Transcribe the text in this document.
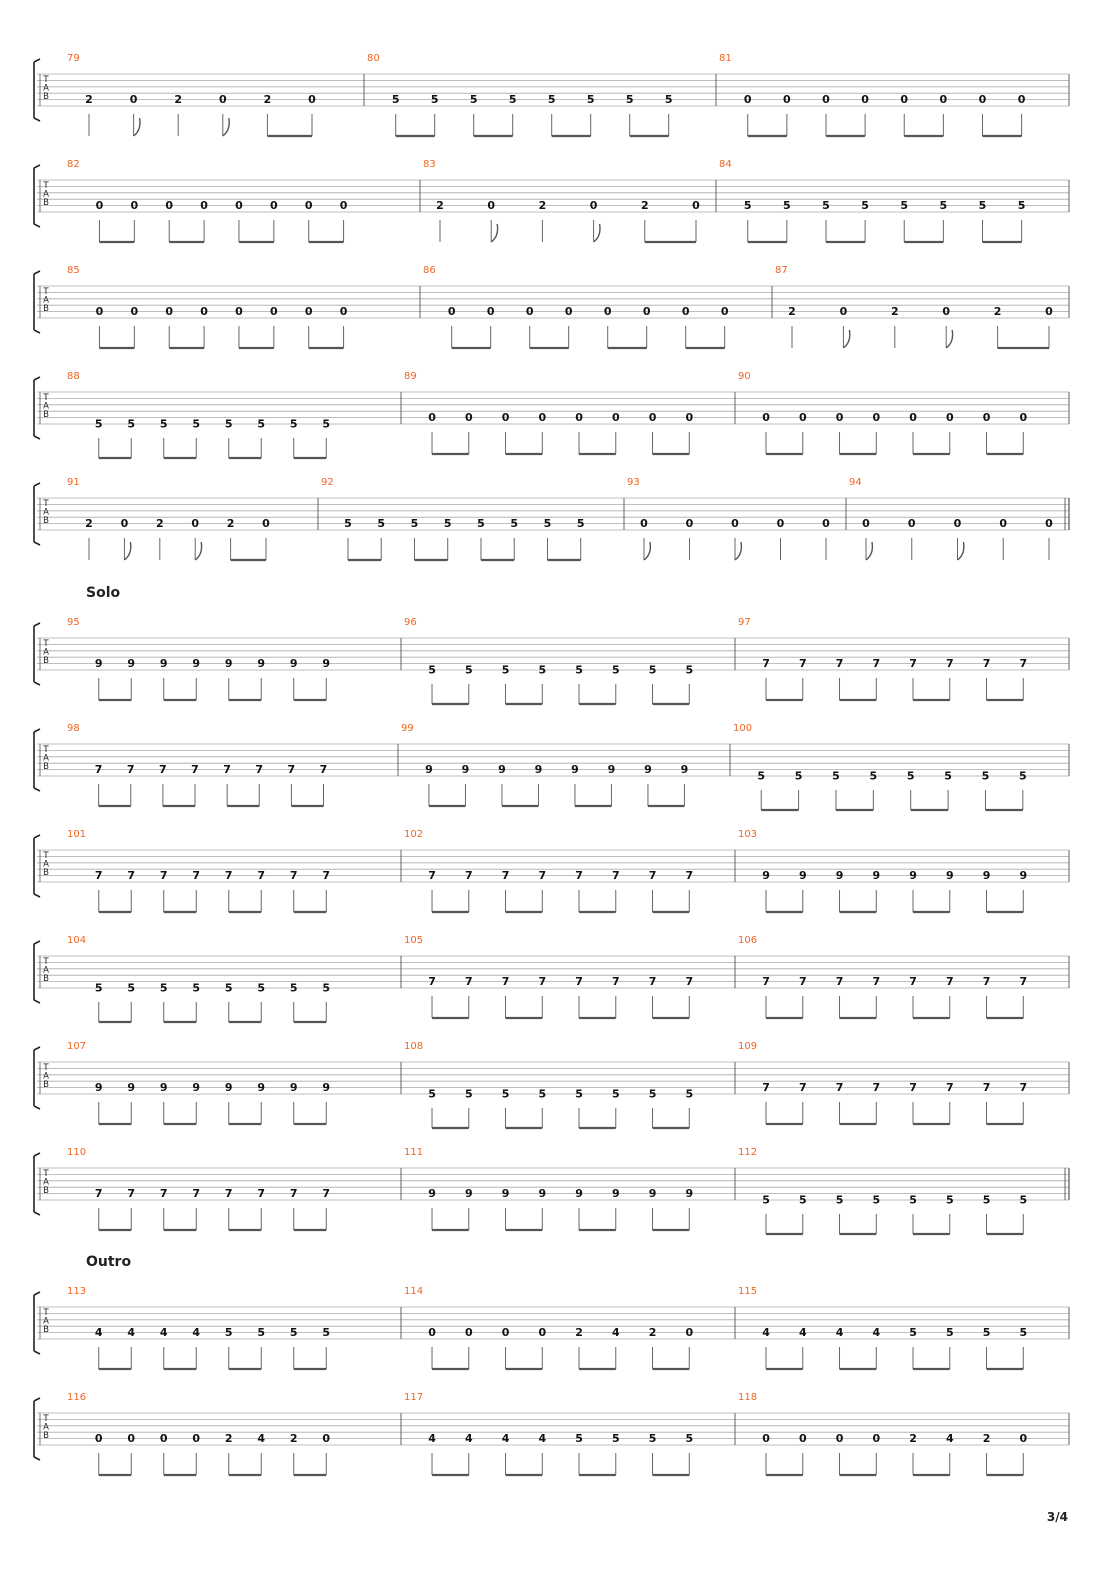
T
A
B
79
2	0	2	0	2	0
80
5	5	5	5	5	5	5	5
81
0	0	0	0	0	0	0	0
T
A
B
82
0 0 0 0 0 0 0 0
83
2	0	2	0	2	0
84
5	5	5	5	5	5	5	5
T
A
B
85
0 0 0 0 0 0 0 0
86
0	0	0	0	0	0	0	0
87
2	0	2	0	2	0
T
A
B
88
5 5 5 5 5 5 5 5
89
0	0	0	0	0	0	0	0
90
0	0	0	0	0	0	0	0
T
A
B
91
2	0	2	0	2	0
92
5 5 5 5 5 5 5 5
93
0	0	0	0	0
94
0	0	0	0	0
Solo
T
A
B
95
9 9 9 9 9 9 9 9
96
5	5	5	5	5	5	5	5
97
7	7	7	7	7	7	7	7
T
A
B
98
7 7 7 7 7 7 7 7
99
9	9	9	9	9	9	9	9
100
5	5	5	5	5	5	5	5
T
A
B
101
7 7 7 7 7 7 7 7
102
7	7	7	7	7	7	7	7
103
9	9	9	9	9	9	9	9
T
A
B
104
5 5 5 5 5 5 5 5
105
7	7	7	7	7	7	7	7
106
7	7	7	7	7	7	7	7
T
A
B
107
9 9 9 9 9 9 9 9
108
5	5	5	5	5	5	5	5
109
7	7	7	7	7	7	7	7
T
A
B
110
7 7 7 7 7 7 7 7
111
9	9	9	9	9	9	9	9
112
5	5	5	5	5	5	5	5
Outro
T
A
B
113
4 4 4 4 5 5 5 5
114
0	0	0	0	2	4	2	0
115
4	4	4	4	5	5	5	5
T
A
B
116
0 0 0 0 2 4 2 0
117
4	4	4	4	5	5	5	5
118
0	0	0	0	2	4	2	0
3/4
